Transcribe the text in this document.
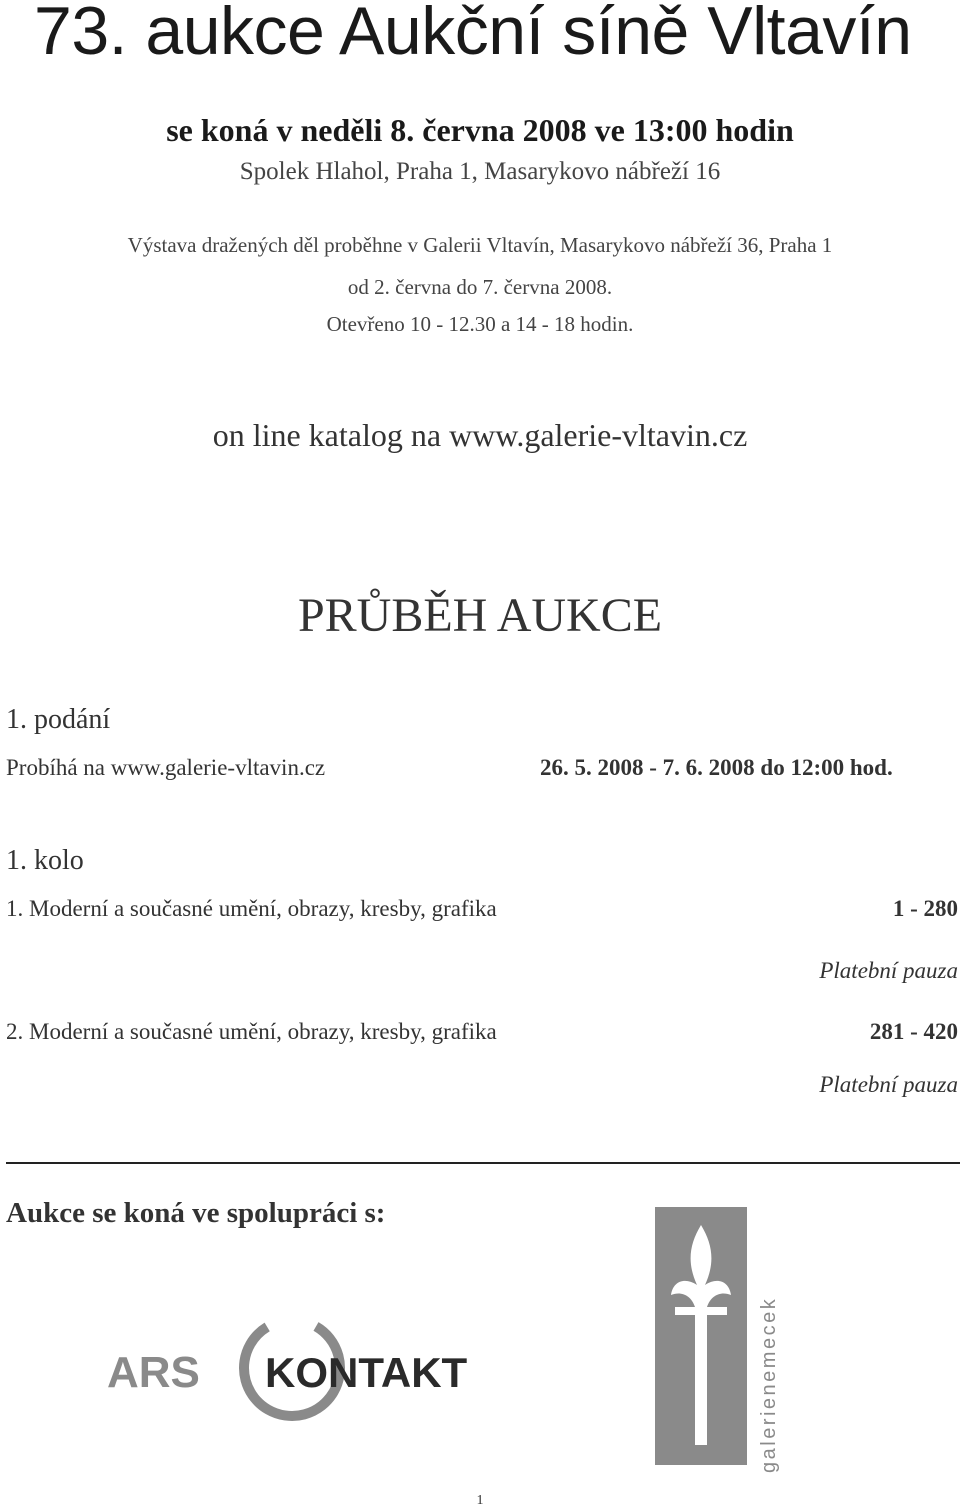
73. aukce Aukční síně Vltavín
se koná v neděli 8. června 2008 ve 13:00 hodin
Spolek Hlahol, Praha 1, Masarykovo nábřeží 16
Výstava dražených děl proběhne v Galerii Vltavín, Masarykovo nábřeží 36, Praha 1
od 2. června do 7. června 2008.
Otevřeno 10 - 12.30 a 14 - 18 hodin.
on line katalog na www.galerie-vltavin.cz
PRŮBĚH AUKCE
1. podání
Probíhá na www.galerie-vltavin.cz	26. 5. 2008 - 7. 6. 2008 do 12:00 hod.
1. kolo
1. Moderní a současné umění, obrazy, kresby, grafika	1 - 280
Platební pauza
2. Moderní a současné umění, obrazy, kresby, grafika	281 - 420
Platební pauza
Aukce se koná ve spolupráci s:
ARS KONTAKT	galerienemecek
1
